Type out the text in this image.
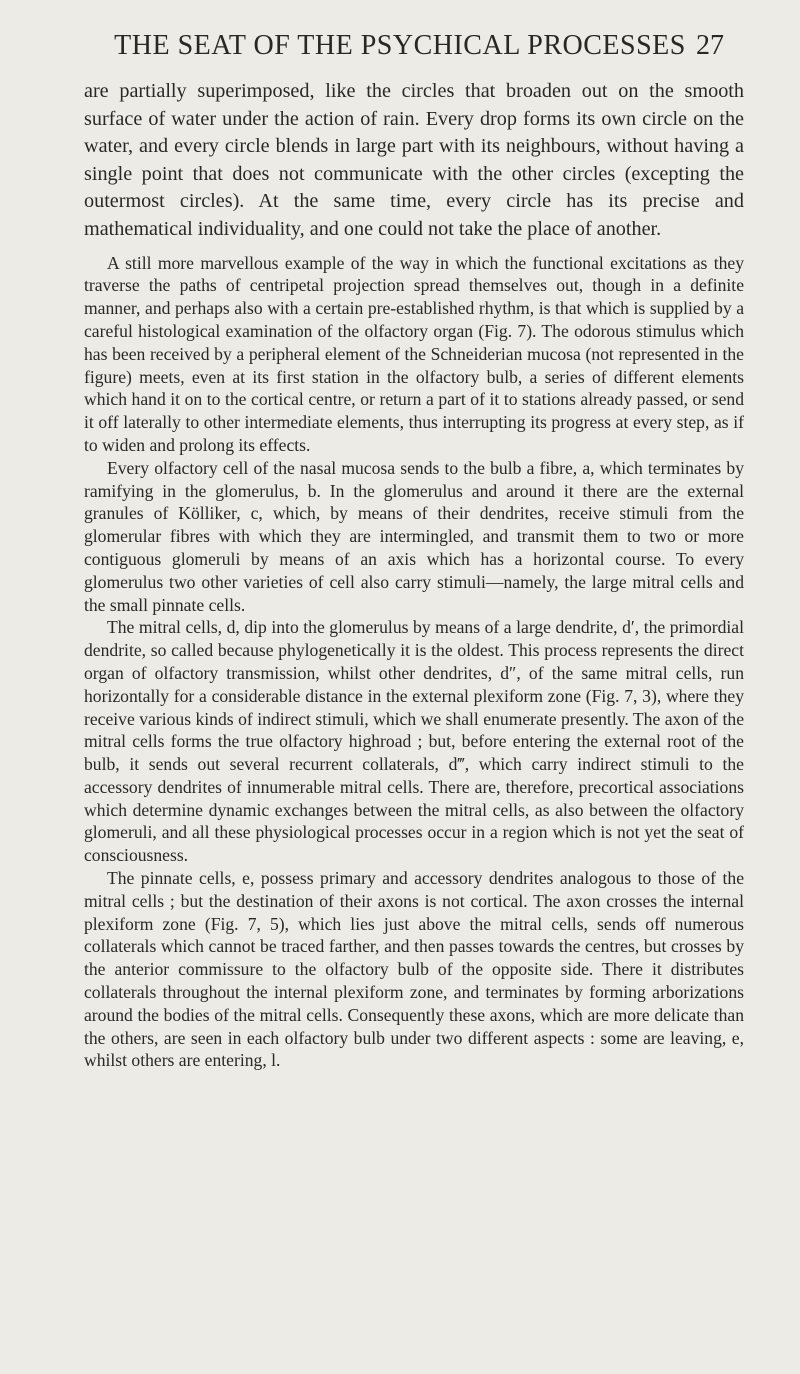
THE SEAT OF THE PSYCHICAL PROCESSES 27

are partially superimposed, like the circles that broaden out on the smooth surface of water under the action of rain. Every drop forms its own circle on the water, and every circle blends in large part with its neighbours, without having a single point that does not communicate with the other circles (excepting the outermost circles). At the same time, every circle has its precise and mathematical individuality, and one could not take the place of another.

A still more marvellous example of the way in which the functional excitations as they traverse the paths of centripetal projection spread themselves out, though in a definite manner, and perhaps also with a certain pre-established rhythm, is that which is supplied by a careful histological examination of the olfactory organ (Fig. 7). The odorous stimulus which has been received by a peripheral element of the Schneiderian mucosa (not represented in the figure) meets, even at its first station in the olfactory bulb, a series of different elements which hand it on to the cortical centre, or return a part of it to stations already passed, or send it off laterally to other intermediate elements, thus interrupting its progress at every step, as if to widen and prolong its effects.

Every olfactory cell of the nasal mucosa sends to the bulb a fibre, a, which terminates by ramifying in the glomerulus, b. In the glomerulus and around it there are the external granules of Kölliker, c, which, by means of their dendrites, receive stimuli from the glomerular fibres with which they are intermingled, and transmit them to two or more contiguous glomeruli by means of an axis which has a horizontal course. To every glomerulus two other varieties of cell also carry stimuli—namely, the large mitral cells and the small pinnate cells.

The mitral cells, d, dip into the glomerulus by means of a large dendrite, d′, the primordial dendrite, so called because phylogenetically it is the oldest. This process represents the direct organ of olfactory transmission, whilst other dendrites, d″, of the same mitral cells, run horizontally for a considerable distance in the external plexiform zone (Fig. 7, 3), where they receive various kinds of indirect stimuli, which we shall enumerate presently. The axon of the mitral cells forms the true olfactory highroad ; but, before entering the external root of the bulb, it sends out several recurrent collaterals, d‴, which carry indirect stimuli to the accessory dendrites of innumerable mitral cells. There are, therefore, precortical associations which determine dynamic exchanges between the mitral cells, as also between the olfactory glomeruli, and all these physiological processes occur in a region which is not yet the seat of consciousness.

The pinnate cells, e, possess primary and accessory dendrites analogous to those of the mitral cells ; but the destination of their axons is not cortical. The axon crosses the internal plexiform zone (Fig. 7, 5), which lies just above the mitral cells, sends off numerous collaterals which cannot be traced farther, and then passes towards the centres, but crosses by the anterior commissure to the olfactory bulb of the opposite side. There it distributes collaterals throughout the internal plexiform zone, and terminates by forming arborizations around the bodies of the mitral cells. Consequently these axons, which are more delicate than the others, are seen in each olfactory bulb under two different aspects : some are leaving, e, whilst others are entering, l.
